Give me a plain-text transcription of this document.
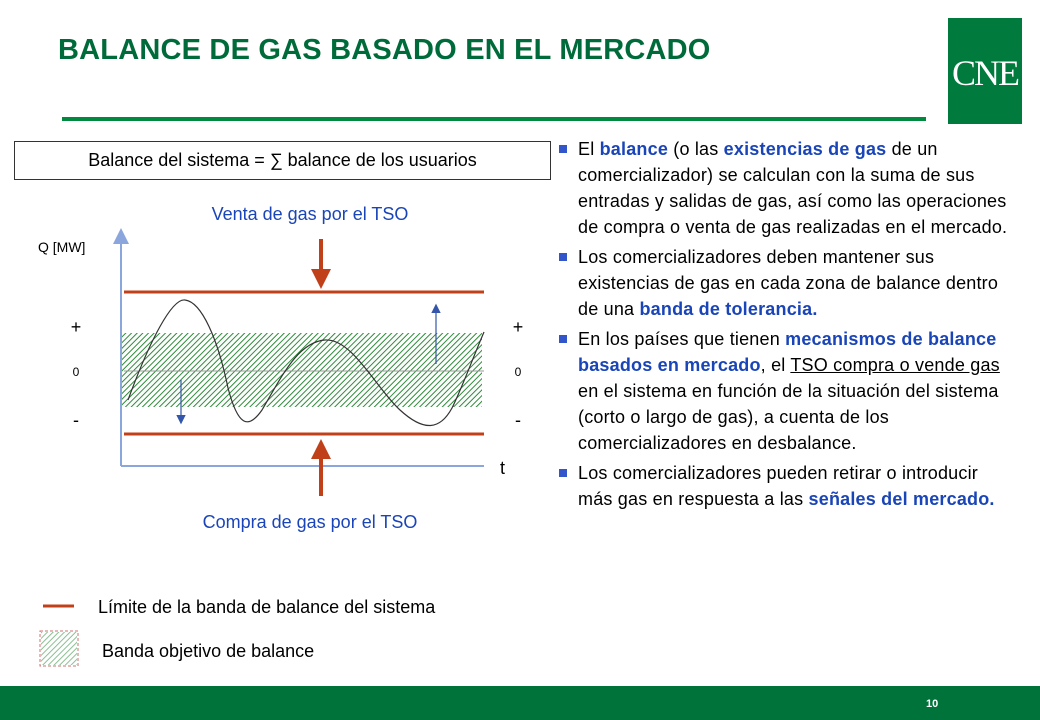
BALANCE DE GAS BASADO EN EL MERCADO
CNE
Balance del sistema = ∑ balance de los usuarios
Venta de gas por el TSO
Compra de gas por el TSO
Q [MW]
t
+	+
0	0
-	-
Límite de la banda de balance del sistema
Banda objetivo de balance
El balance (o las existencias de gas de un comercializador) se calculan con la suma de sus entradas y salidas de gas, así como las operaciones de compra o venta de gas realizadas en el mercado.
Los comercializadores deben mantener sus existencias de gas en cada zona de balance dentro de una banda de tolerancia.
En los países que tienen mecanismos de balance basados en mercado, el TSO compra o vende gas en el sistema en función de la situación del sistema (corto o largo de gas), a cuenta de los comercializadores en desbalance.
Los comercializadores pueden retirar o introducir más gas en respuesta a las señales del mercado.
10
